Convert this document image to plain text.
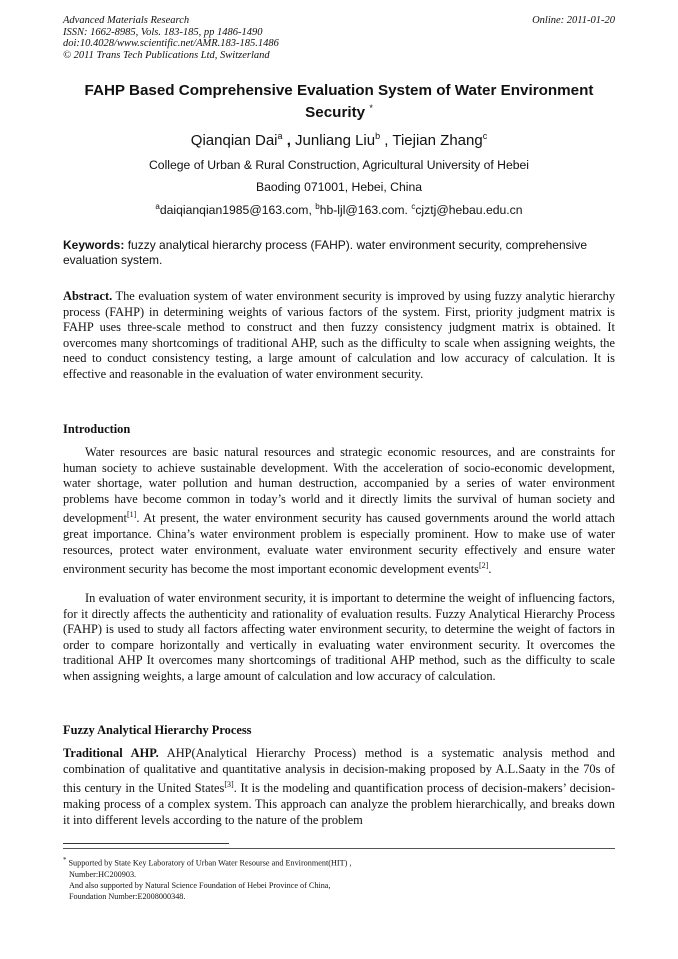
Advanced Materials Research
ISSN: 1662-8985, Vols. 183-185, pp 1486-1490
doi:10.4028/www.scientific.net/AMR.183-185.1486
© 2011 Trans Tech Publications Ltd, Switzerland
Online: 2011-01-20
FAHP Based Comprehensive Evaluation System of Water Environment Security *
Qianqian Dai$^a$ , Junliang Liu$^b$ , Tiejian Zhang$^c$
College of Urban & Rural Construction, Agricultural University of Hebei
Baoding 071001, Hebei, China
$^a$daiqianqian1985@163.com, $^b$hb-ljl@163.com. $^c$cjztj@hebau.edu.cn
Keywords: fuzzy analytical hierarchy process (FAHP). water environment security, comprehensive evaluation system.
Abstract. The evaluation system of water environment security is improved by using fuzzy analytic hierarchy process (FAHP) in determining weights of various factors of the system. First, priority judgment matrix is FAHP uses three-scale method to construct and then fuzzy consistency judgment matrix is obtained. It overcomes many shortcomings of traditional AHP, such as the difficulty to scale when assigning weights, the need to conduct consistency testing, a large amount of calculation and low accuracy of calculation. It is effective and reasonable in the evaluation of water environment security.
Introduction
Water resources are basic natural resources and strategic economic resources, and are constraints for human society to achieve sustainable development. With the acceleration of socio-economic development, water shortage, water pollution and human destruction, accompanied by a series of water environment problems have become common in today’s world and it directly limits the survival of human society and development[1]. At present, the water environment security has caused governments around the world attach great importance. China’s water environment problem is especially prominent. How to make use of water resources, protect water environment, evaluate water environment security effectively and ensure water environment security has become the most important economic development events[2].
In evaluation of water environment security, it is important to determine the weight of influencing factors, for it directly affects the authenticity and rationality of evaluation results. Fuzzy Analytical Hierarchy Process (FAHP) is used to study all factors affecting water environment security, to determine the weight of factors in order to compare horizontally and vertically in evaluating water environment security. It overcomes the traditional AHP It overcomes many shortcomings of traditional AHP method, such as the difficulty to scale when assigning weights, a large amount of calculation and low accuracy of calculation.
Fuzzy Analytical Hierarchy Process
Traditional AHP. AHP(Analytical Hierarchy Process) method is a systematic analysis method and combination of qualitative and quantitative analysis in decision-making proposed by A.L.Saaty in the 70s of this century in the United States[3]. It is the modeling and quantification process of decision-makers’ decision-making process of a complex system. This approach can analyze the problem hierarchically, and breaks down it into different levels according to the nature of the problem
* Supported by State Key Laboratory of Urban Water Resourse and Environment(HIT) ,
Number:HC200903.
And also supported by Natural Science Foundation of Hebei Province of China,
Foundation Number:E2008000348.
